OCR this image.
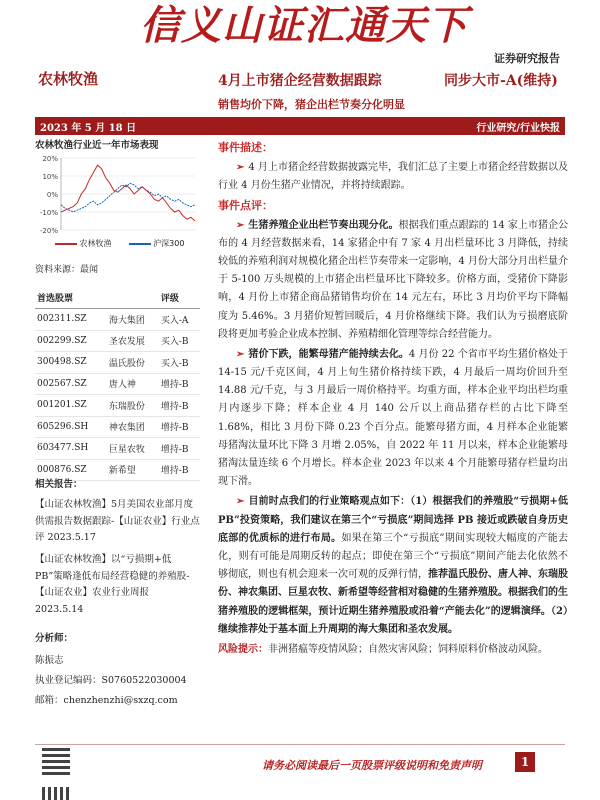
信义山证汇通天下
证券研究报告
农林牧渔	4月上市猪企经营数据跟踪	同步大市-A(维持)
销售均价下降，猪企出栏节奏分化明显
2023 年 5 月 18 日	行业研究/行业快报
农林牧渔行业近一年市场表现
20%
10%
0%
-10%
-20%
农林牧渔	沪深300
资料来源：最闻
首选股票		评级
002311.SZ	海大集团	买入-A
002299.SZ	圣农发展	买入-B
300498.SZ	温氏股份	买入-B
002567.SZ	唐人神	增持-B
001201.SZ	东瑞股份	增持-B
605296.SH	神农集团	增持-B
603477.SH	巨星农牧	增持-B
000876.SZ	新希望	增持-B
相关报告：
【山证农林牧渔】5月美国农业部月度供需报告数据跟踪-【山证农业】行业点评 2023.5.17
【山证农林牧渔】以“亏损期+低 PB”策略逢低布局经营稳健的养殖股-【山证农业】农业行业周报 2023.5.14
分析师：
陈振志
执业登记编码：S0760522030004
邮箱：chenzhenzhi@sxzq.com
事件描述：

➢ 4 月上市猪企经营数据披露完毕，我们汇总了主要上市猪企经营数据以及行业 4 月份生猪产业情况，并将持续跟踪。

事件点评：

➢ 生猪养殖企业出栏节奏出现分化。根据我们重点跟踪的 14 家上市猪企公布的 4 月经营数据来看，14 家猪企中有 7 家 4 月出栏量环比 3 月降低，持续较低的养殖利润对规模化猪企出栏节奏带来一定影响，4 月份大部分月出栏量介于 5-100 万头规模的上市猪企出栏量环比下降较多。价格方面，受猪价下降影响，4 月份上市猪企商品猪销售均价在 14 元左右，环比 3 月均价平均下降幅度为 5.46%。3 月猪价短暂回暖后，4 月价格继续下降。我们认为亏损磨底阶段将更加考验企业成本控制、养殖精细化管理等综合经营能力。

➢ 猪价下跌，能繁母猪产能持续去化。4 月份 22 个省市平均生猪价格处于 14-15 元/千克区间，4 月上旬生猪价格持续下跌，4 月最后一周均价回升至 14.88 元/千克，与 3 月最后一周价格持平。均重方面，样本企业平均出栏均重月内逐步下降；样本企业 4 月 140 公斤以上商品猪存栏的占比下降至 1.68%，相比 3 月份下降 0.23 个百分点。能繁母猪方面，4 月样本企业能繁母猪淘汰量环比下降 3 月增 2.05%，自 2022 年 11 月以来，样本企业能繁母猪淘汰量连续 6 个月增长。样本企业 2023 年以来 4 个月能繁母猪存栏量均出现下滑。

➢ 目前时点我们的行业策略观点如下：（1）根据我们的养殖股“亏损期+低 PB”投资策略，我们建议在第三个“亏损底”期间选择 PB 接近或跌破自身历史底部的优质标的进行布局。如果在第三个“亏损底”期间实现较大幅度的产能去化，则有可能是周期反转的起点；即使在第三个“亏损底”期间产能去化依然不够彻底，则也有机会迎来一次可观的反弹行情，推荐温氏股份、唐人神、东瑞股份、神农集团、巨星农牧、新希望等经营相对稳健的生猪养殖股。根据我们的生猪养殖股的逻辑框架，预计近期生猪养殖股或沿着“产能去化”的逻辑演绎。（2）继续推荐处于基本面上升周期的海大集团和圣农发展。

风险提示：非洲猪瘟等疫情风险；自然灾害风险；饲料原料价格波动风险。

请务必阅读最后一页股票评级说明和免责声明	1
